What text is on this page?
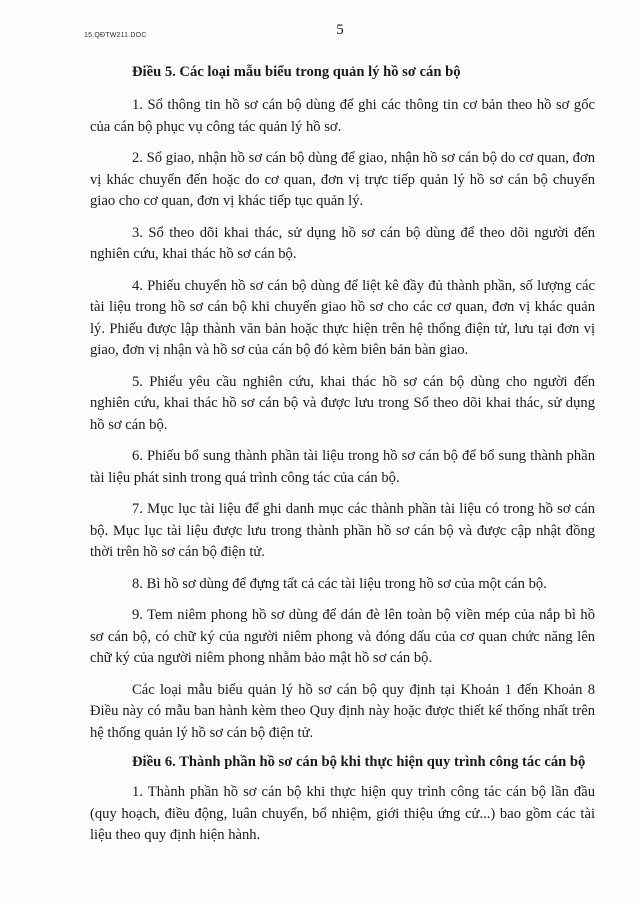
15.QĐTW211.DOC	5
Điều 5. Các loại mẫu biểu trong quản lý hồ sơ cán bộ

1. Sổ thông tin hồ sơ cán bộ dùng để ghi các thông tin cơ bản theo hồ sơ gốc của cán bộ phục vụ công tác quản lý hồ sơ.

2. Sổ giao, nhận hồ sơ cán bộ dùng để giao, nhận hồ sơ cán bộ do cơ quan, đơn vị khác chuyển đến hoặc do cơ quan, đơn vị trực tiếp quản lý hồ sơ cán bộ chuyển giao cho cơ quan, đơn vị khác tiếp tục quản lý.

3. Sổ theo dõi khai thác, sử dụng hồ sơ cán bộ dùng để theo dõi người đến nghiên cứu, khai thác hồ sơ cán bộ.

4. Phiếu chuyển hồ sơ cán bộ dùng để liệt kê đầy đủ thành phần, số lượng các tài liệu trong hồ sơ cán bộ khi chuyển giao hồ sơ cho các cơ quan, đơn vị khác quản lý. Phiếu được lập thành văn bản hoặc thực hiện trên hệ thống điện tử, lưu tại đơn vị giao, đơn vị nhận và hồ sơ của cán bộ đó kèm biên bản bàn giao.

5. Phiếu yêu cầu nghiên cứu, khai thác hồ sơ cán bộ dùng cho người đến nghiên cứu, khai thác hồ sơ cán bộ và được lưu trong Sổ theo dõi khai thác, sử dụng hồ sơ cán bộ.

6. Phiếu bổ sung thành phần tài liệu trong hồ sơ cán bộ để bổ sung thành phần tài liệu phát sinh trong quá trình công tác của cán bộ.

7. Mục lục tài liệu để ghi danh mục các thành phần tài liệu có trong hồ sơ cán bộ. Mục lục tài liệu được lưu trong thành phần hồ sơ cán bộ và được cập nhật đồng thời trên hồ sơ cán bộ điện tử.

8. Bì hồ sơ dùng để đựng tất cả các tài liệu trong hồ sơ của một cán bộ.

9. Tem niêm phong hồ sơ dùng để dán đè lên toàn bộ viền mép của nắp bì hồ sơ cán bộ, có chữ ký của người niêm phong và đóng dấu của cơ quan chức năng lên chữ ký của người niêm phong nhằm bảo mật hồ sơ cán bộ.

Các loại mẫu biểu quản lý hồ sơ cán bộ quy định tại Khoản 1 đến Khoản 8 Điều này có mẫu ban hành kèm theo Quy định này hoặc được thiết kế thống nhất trên hệ thống quản lý hồ sơ cán bộ điện tử.

Điều 6. Thành phần hồ sơ cán bộ khi thực hiện quy trình công tác cán bộ

1. Thành phần hồ sơ cán bộ khi thực hiện quy trình công tác cán bộ lần đầu (quy hoạch, điều động, luân chuyển, bổ nhiệm, giới thiệu ứng cử...) bao gồm các tài liệu theo quy định hiện hành.
